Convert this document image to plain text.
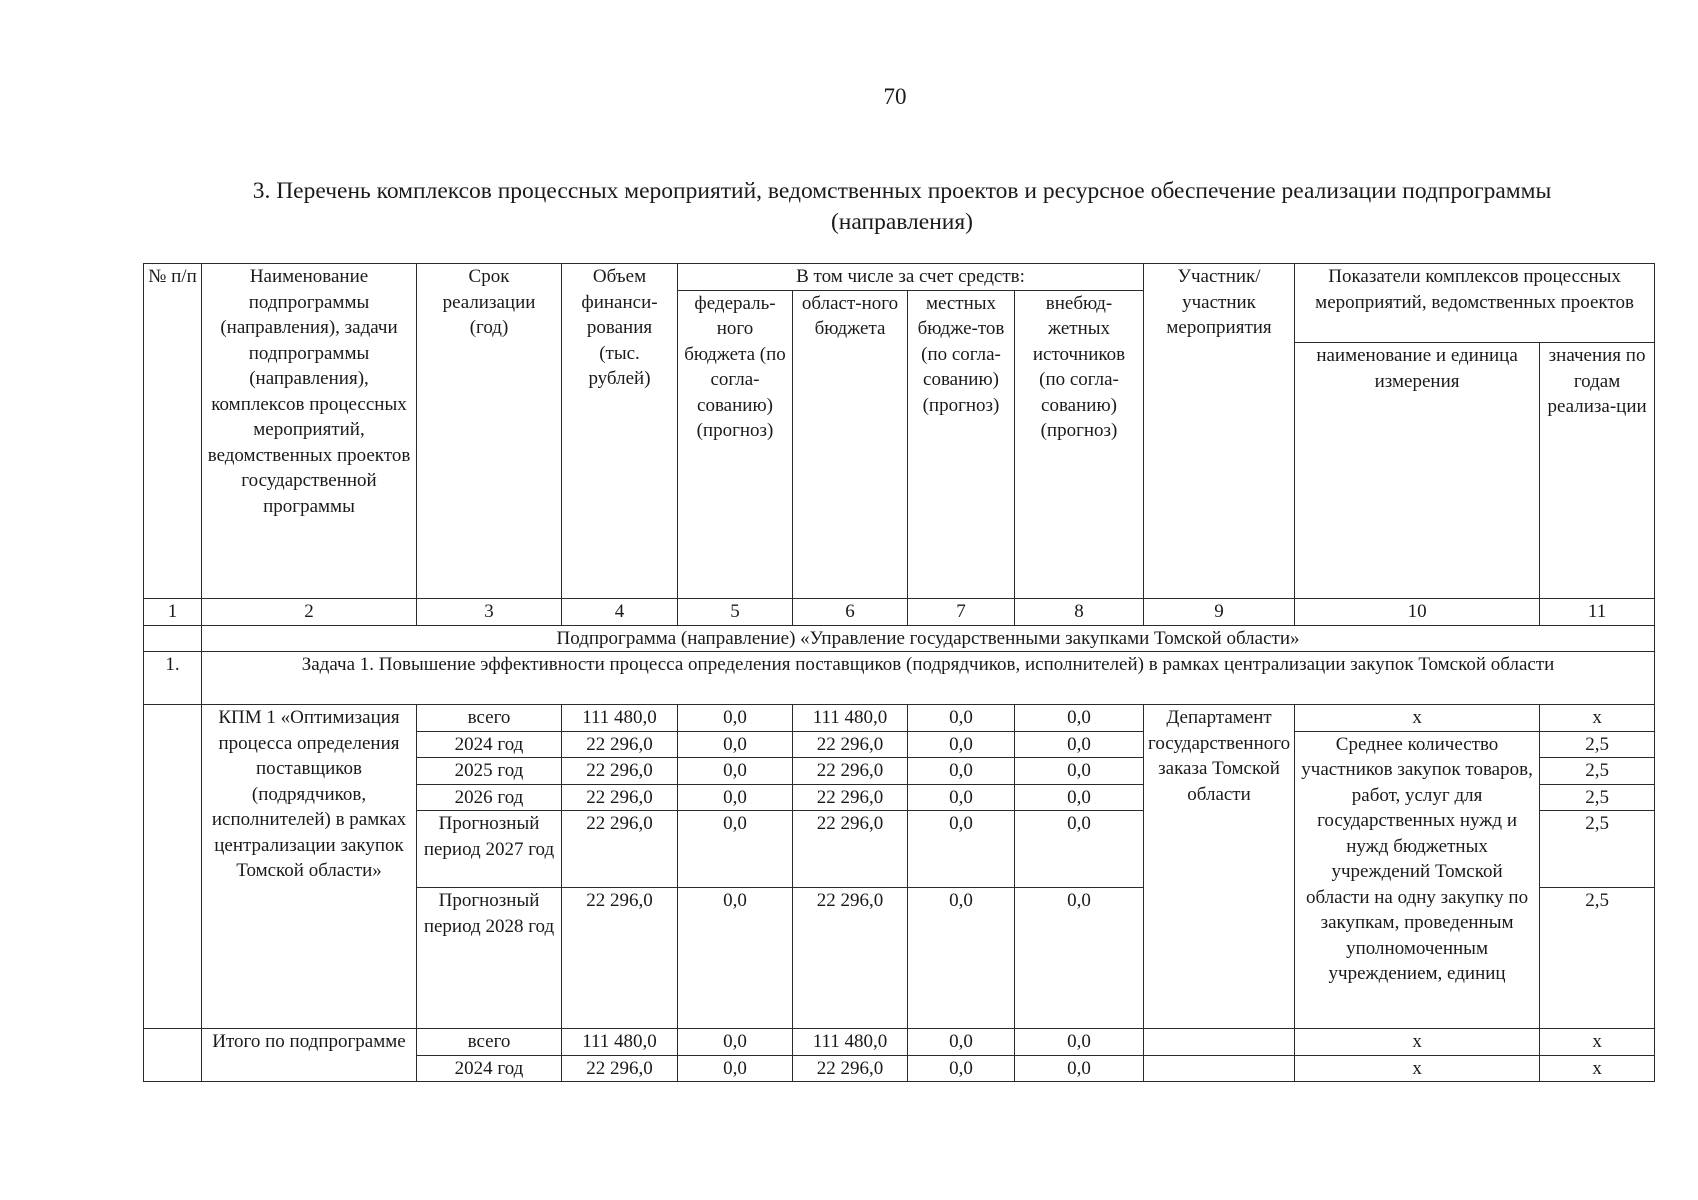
70
3. Перечень комплексов процессных мероприятий, ведомственных проектов и ресурсное обеспечение реализации подпрограммы (направления)
№ п/п	Наименование подпрограммы (направления), задачи подпрограммы (направления), комплексов процессных мероприятий, ведомственных проектов государственной программы	Срок реализации (год)	Объем финанси-рования (тыс. рублей)	В том числе за счет средств:				Участник/ участник мероприятия	Показатели комплексов процессных мероприятий, ведомственных проектов	
				федераль-ного бюджета (по согла-сованию) (прогноз)	област-ного бюджета	местных бюдже-тов (по согла-сованию) (прогноз)	внебюд-жетных источников (по согла-сованию) (прогноз)			
									наименование и единица измерения	значения по годам реализа-ции
1	2	3	4	5	6	7	8	9	10	11
	Подпрограмма (направление) «Управление государственными закупками Томской области»									
1.	Задача 1. Повышение эффективности процесса определения поставщиков (подрядчиков, исполнителей) в рамках централизации закупок Томской области									
	КПМ 1 «Оптимизация процесса определения поставщиков (подрядчиков, исполнителей) в рамках централизации закупок Томской области»	всего	111 480,0	0,0	111 480,0	0,0	0,0	Департамент государственного заказа Томской области	х	х
		2024 год	22 296,0	0,0	22 296,0	0,0	0,0		Среднее количество участников закупок товаров, работ, услуг для государственных нужд и нужд бюджетных учреждений Томской области на одну закупку по закупкам, проведенным уполномоченным учреждением, единиц	2,5
		2025 год	22 296,0	0,0	22 296,0	0,0	0,0			2,5
		2026 год	22 296,0	0,0	22 296,0	0,0	0,0			2,5
		Прогнозный период 2027 год	22 296,0	0,0	22 296,0	0,0	0,0			2,5
		Прогнозный период 2028 год	22 296,0	0,0	22 296,0	0,0	0,0			2,5
	Итого по подпрограмме	всего	111 480,0	0,0	111 480,0	0,0	0,0		х	х
		2024 год	22 296,0	0,0	22 296,0	0,0	0,0		х	х
